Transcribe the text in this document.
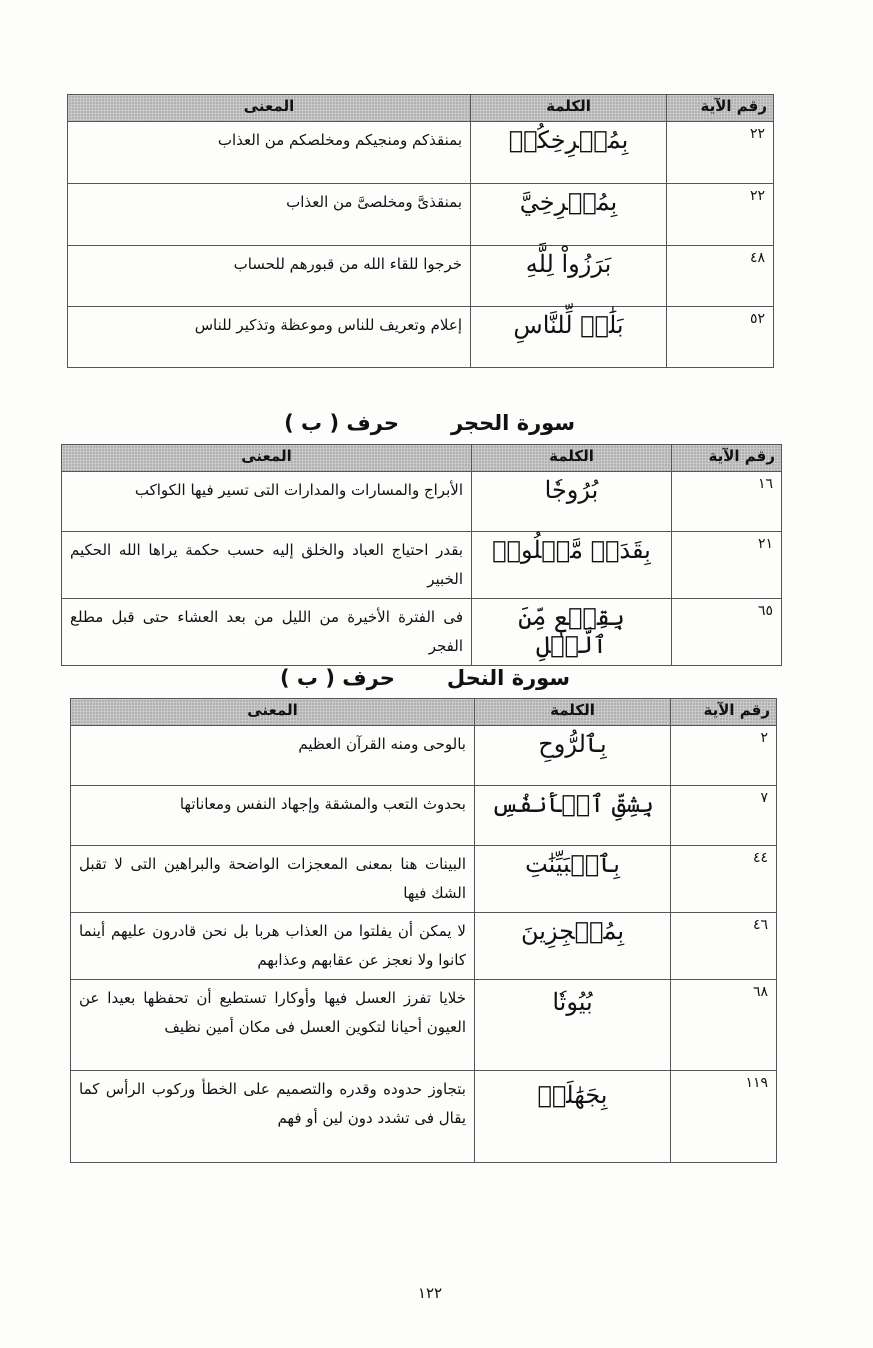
رقم الآية	الكلمة	المعنى
٢٢	بِمُصۡرِخِكُمۡ	بمنقذكم ومنجيكم ومخلصكم من العذاب
٢٢	بِمُصۡرِخِيَّ	بمنقذىَّ ومخلصىَّ من العذاب
٤٨	بَرَزُواْ لِلَّهِ	خرجوا للقاء الله من قبورهم للحساب
٥٢	بَلَٰغٞ لِّلنَّاسِ	إعلام وتعريف للناس وموعظة وتذكير للناس
سورة الحجرحرف ( ب )
رقم الآية	الكلمة	المعنى
١٦	بُرُوجٗا	الأبراج والمسارات والمدارات التى تسير فيها الكواكب
٢١	بِقَدَرٖ مَّعۡلُومٖ	بقدر احتياج العباد والخلق إليه حسب حكمة يراها الله الحكيم الخبير
٦٥	بِقِطۡعٖ مِّنَ ٱلَّيۡلِ	فى الفترة الأخيرة من الليل من بعد العشاء حتى قبل مطلع الفجر
سورة النحلحرف ( ب )
رقم الآية	الكلمة	المعنى
٢	بِٱلرُّوحِ	بالوحى ومنه القرآن العظيم
٧	بِشِقِّ ٱلۡأَنفُسِ	بحدوث التعب والمشقة وإجهاد النفس ومعاناتها
٤٤	بِٱلۡبَيِّنَٰتِ	البينات هنا بمعنى المعجزات الواضحة والبراهين التى لا تقبل الشك فيها
٤٦	بِمُعۡجِزِينَ	لا يمكن أن يفلتوا من العذاب هربا بل نحن قادرون عليهم أينما كانوا ولا نعجز عن عقابهم وعذابهم
٦٨	بُيُوتٗا	خلايا تفرز العسل فيها وأوكارا تستطيع أن تحفظها بعيدا عن العيون أحيانا لتكوين العسل فى مكان أمين نظيف
١١٩	بِجَهَٰلَةٖ	بتجاوز حدوده وقدره والتصميم على الخطأ وركوب الرأس كما يقال فى تشدد دون لين أو فهم
١٢٢
